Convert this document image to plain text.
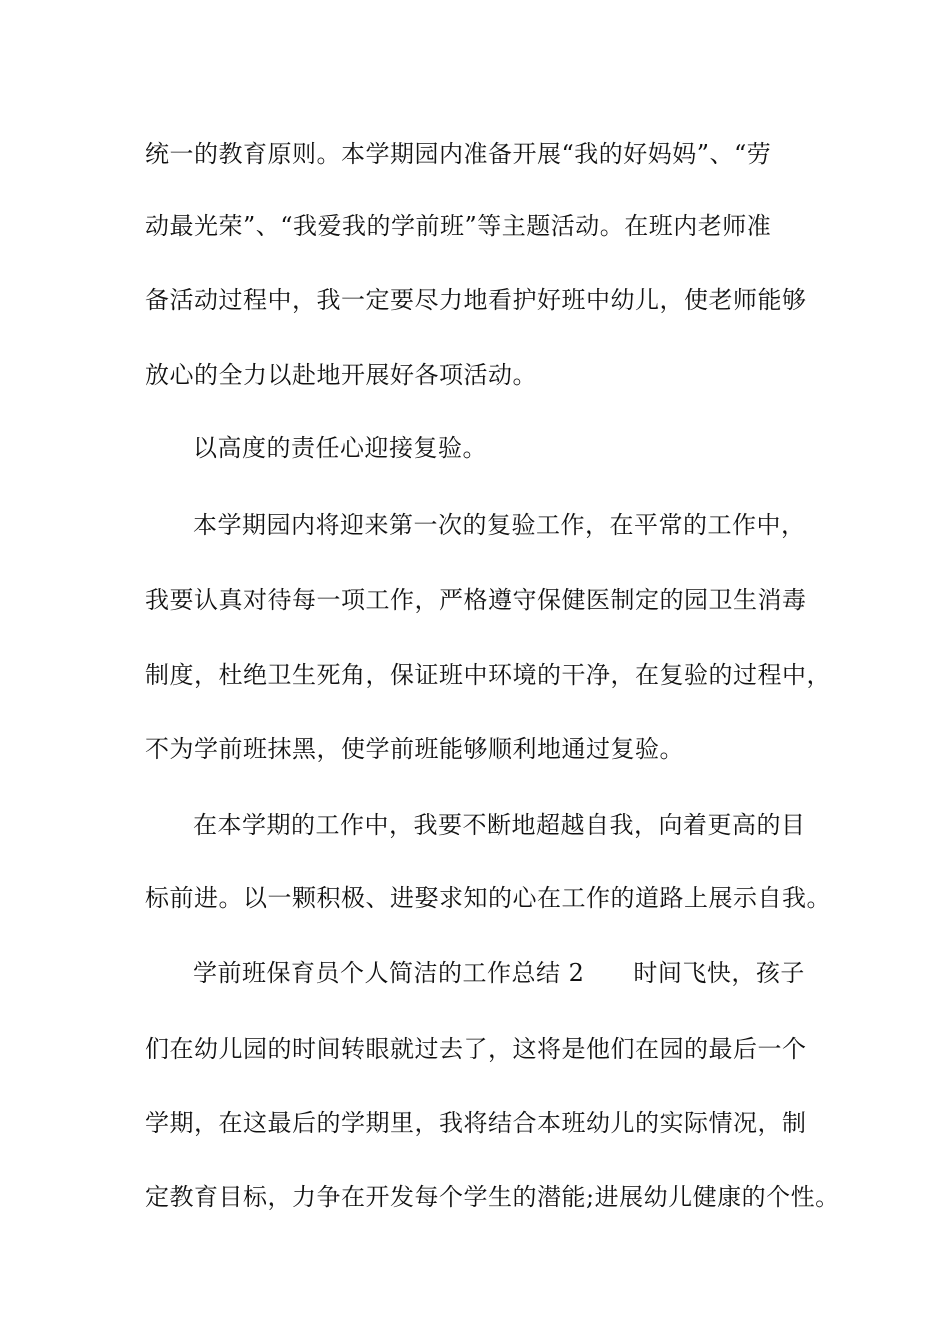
统一的教育原则。本学期园内准备开展“我的好妈妈”、“劳
动最光荣”、“我爱我的学前班”等主题活动。在班内老师准
备活动过程中，我一定要尽力地看护好班中幼儿，使老师能够
放心的全力以赴地开展好各项活动。
以高度的责任心迎接复验。
本学期园内将迎来第一次的复验工作，在平常的工作中，
我要认真对待每一项工作，严格遵守保健医制定的园卫生消毒
制度，杜绝卫生死角，保证班中环境的干净，在复验的过程中，
不为学前班抹黑，使学前班能够顺利地通过复验。
在本学期的工作中，我要不断地超越自我，向着更高的目
标前进。以一颗积极、进娶求知的心在工作的道路上展示自我。
学前班保育员个人简洁的工作总结 2　　时间飞快，孩子
们在幼儿园的时间转眼就过去了，这将是他们在园的最后一个
学期，在这最后的学期里，我将结合本班幼儿的实际情况，制
定教育目标，力争在开发每个学生的潜能;进展幼儿健康的个性。
